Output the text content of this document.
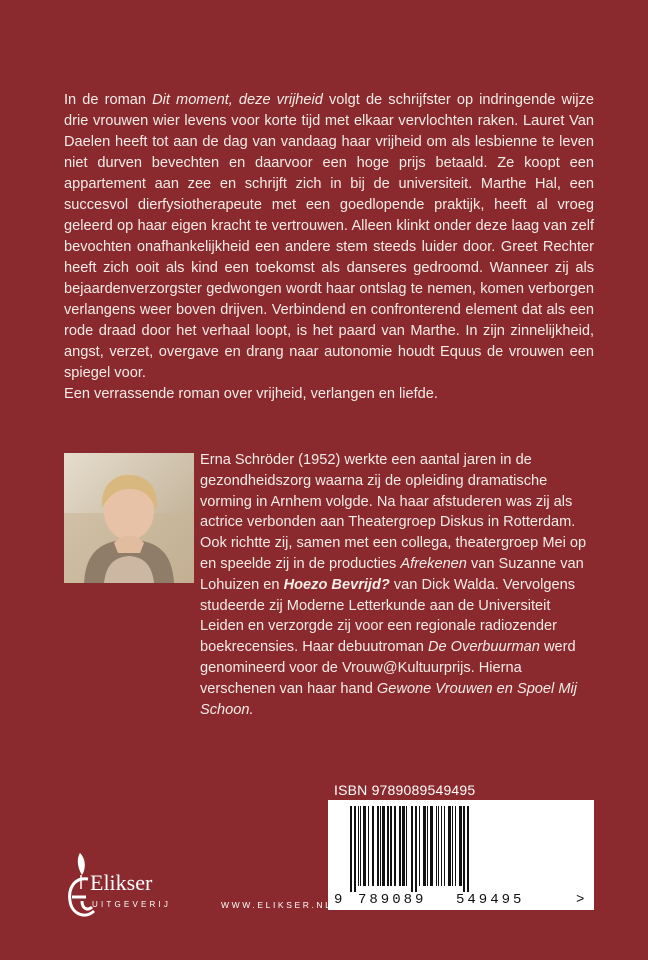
In de roman Dit moment, deze vrijheid volgt de schrijfster op indringende wijze drie vrouwen wier levens voor korte tijd met elkaar vervlochten raken. Lauret Van Daelen heeft tot aan de dag van vandaag haar vrijheid om als lesbienne te leven niet durven bevechten en daarvoor een hoge prijs betaald. Ze koopt een appartement aan zee en schrijft zich in bij de universiteit. Marthe Hal, een succesvol dierfysiotherapeute met een goedlopende praktijk, heeft al vroeg geleerd op haar eigen kracht te vertrouwen. Alleen klinkt onder deze laag van zelf bevochten onafhankelijkheid een andere stem steeds luider door. Greet Rechter heeft zich ooit als kind een toekomst als danseres gedroomd. Wanneer zij als bejaardenverzorgster gedwongen wordt haar ontslag te nemen, komen verborgen verlangens weer boven drijven. Verbindend en confronterend element dat als een rode draad door het verhaal loopt, is het paard van Marthe. In zijn zinnelijkheid, angst, verzet, overgave en drang naar autonomie houdt Equus de vrouwen een spiegel voor.

Een verrassende roman over vrijheid, verlangen en liefde.

Erna Schröder (1952) werkte een aantal jaren in de gezondheidszorg waarna zij de opleiding dramatische vorming in Arnhem volgde. Na haar afstuderen was zij als actrice verbonden aan Theatergroep Diskus in Rotterdam. Ook richtte zij, samen met een collega, theatergroep Mei op en speelde zij in de producties Afrekenen van Suzanne van Lohuizen en Hoezo Bevrijd? van Dick Walda. Vervolgens studeerde zij Moderne Letterkunde aan de Universiteit Leiden en verzorgde zij voor een regionale radiozender boekrecensies. Haar debuutroman De Overbuurman werd genomineerd voor de Vrouw@Kultuurprijs. Hierna verschenen van haar hand Gewone Vrouwen en Spoel Mij Schoon.

ISBN 9789089549495
9 789089 549495	>
Elikser
UITGEVERIJ	WWW.ELIKSER.NL
